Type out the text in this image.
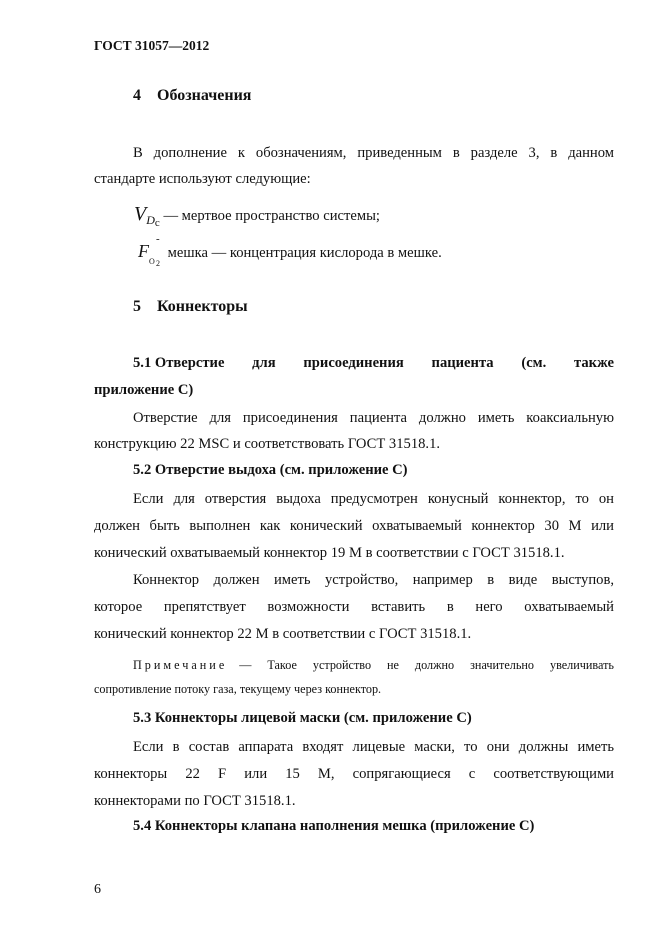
ГОСТ 31057—2012
4 Обозначения
В дополнение к обозначениям, приведенным в разделе 3, в данном
стандарте используют следующие:
$V_{Dc}$ — мертвое пространство системы;
F
-
O 2
мешка — концентрация кислорода в мешке.
5 Коннекторы
5.1 Отверстие для присоединения пациента (см. также
приложение С)
Отверстие для присоединения пациента должно иметь коаксиальную
конструкцию 22 MSC и соответствовать ГОСТ 31518.1.
5.2 Отверстие выдоха (см. приложение С)
Если для отверстия выдоха предусмотрен конусный коннектор, то он
должен быть выполнен как конический охватываемый коннектор 30 М или
конический охватываемый коннектор 19 М в соответствии с ГОСТ 31518.1.
Коннектор должен иметь устройство, например в виде выступов,
которое препятствует возможности вставить в него охватываемый
конический коннектор 22 М в соответствии с ГОСТ 31518.1.
Примечание — Такое устройство не должно значительно увеличивать
сопротивление потоку газа, текущему через коннектор.
5.3 Коннекторы лицевой маски (см. приложение С)
Если в состав аппарата входят лицевые маски, то они должны иметь
коннекторы 22 F или 15 М, сопрягающиеся с соответствующими
коннекторами по ГОСТ 31518.1.
5.4 Коннекторы клапана наполнения мешка (приложение С)
6
